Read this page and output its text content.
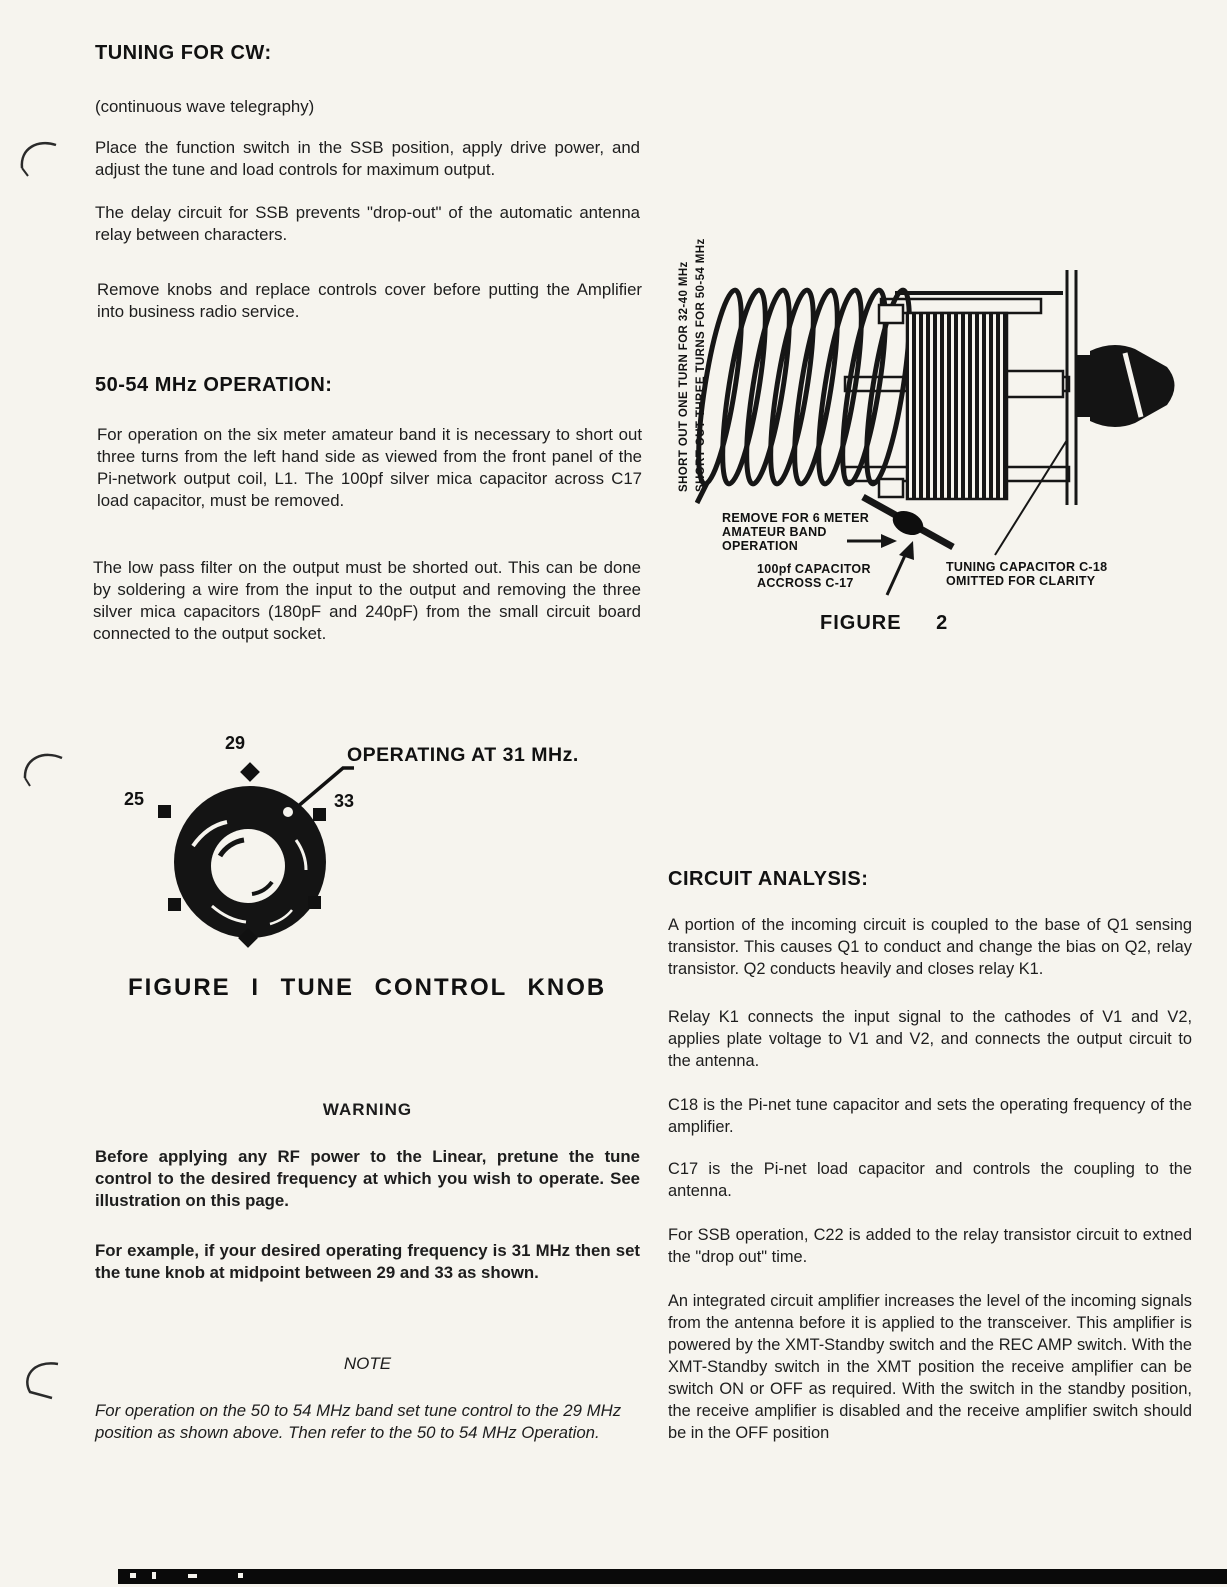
TUNING FOR CW:
(continuous wave telegraphy)
Place the function switch in the SSB position, apply drive power, and adjust the tune and load controls for maximum output.
The delay circuit for SSB prevents "drop-out" of the automatic antenna relay between characters.
Remove knobs and replace controls cover before putting the Amplifier into business radio service.
50-54 MHz OPERATION:
For operation on the six meter amateur band it is necessary to short out three turns from the left hand side as viewed from the front panel of the Pi-network output coil, L1. The 100pf silver mica capacitor across C17 load capacitor, must be removed.
The low pass filter on the output must be shorted out. This can be done by soldering a wire from the input to the output and removing the three silver mica capacitors (180pF and 240pF) from the small circuit board connected to the output socket.
SHORT OUT ONE TURN FOR 32-40 MHz SHORT OUT THREE TURNS FOR 50-54 MHz
REMOVE FOR 6 METER
AMATEUR BAND
OPERATION
100pf CAPACITOR
ACCROSS C-17
TUNING CAPACITOR C-18
OMITTED FOR CLARITY
FIGURE 2
29
OPERATING AT 31 MHz.
25	33
FIGURE I TUNE CONTROL KNOB
WARNING
Before applying any RF power to the Linear, pretune the tune control to the desired frequency at which you wish to operate. See illustration on this page.
For example, if your desired operating frequency is 31 MHz then set the tune knob at midpoint between 29 and 33 as shown.
NOTE
For operation on the 50 to 54 MHz band set tune control to the 29 MHz position as shown above. Then refer to the 50 to 54 MHz Operation.
CIRCUIT ANALYSIS:
A portion of the incoming circuit is coupled to the base of Q1 sensing transistor. This causes Q1 to conduct and change the bias on Q2, relay transistor. Q2 conducts heavily and closes relay K1.
Relay K1 connects the input signal to the cathodes of V1 and V2, applies plate voltage to V1 and V2, and connects the output circuit to the antenna.
C18 is the Pi-net tune capacitor and sets the operating frequency of the amplifier.
C17 is the Pi-net load capacitor and controls the coupling to the antenna.
For SSB operation, C22 is added to the relay transistor circuit to extned the "drop out" time.
An integrated circuit amplifier increases the level of the incoming signals from the antenna before it is applied to the transceiver. This amplifier is powered by the XMT-Standby switch and the REC AMP switch. With the XMT-Standby switch in the XMT position the receive amplifier can be switch ON or OFF as required. With the switch in the standby position, the receive amplifier is disabled and the receive amplifier switch should be in the OFF position
